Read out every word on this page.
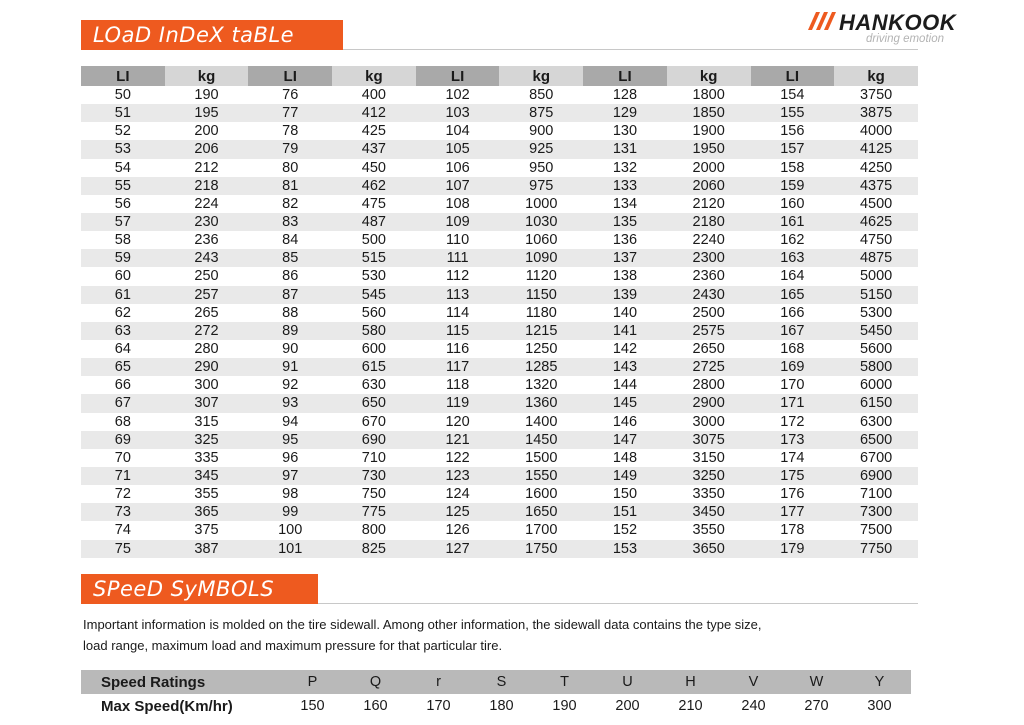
LOaD InDeX taBLe	HANKOOK
driving emotion
LI	kg	LI	kg	LI	kg	LI	kg	LI	kg
50	190	76	400	102	850	128	1800	154	3750
51	195	77	412	103	875	129	1850	155	3875
52	200	78	425	104	900	130	1900	156	4000
53	206	79	437	105	925	131	1950	157	4125
54	212	80	450	106	950	132	2000	158	4250
55	218	81	462	107	975	133	2060	159	4375
56	224	82	475	108	1000	134	2120	160	4500
57	230	83	487	109	1030	135	2180	161	4625
58	236	84	500	110	1060	136	2240	162	4750
59	243	85	515	111	1090	137	2300	163	4875
60	250	86	530	112	1120	138	2360	164	5000
61	257	87	545	113	1150	139	2430	165	5150
62	265	88	560	114	1180	140	2500	166	5300
63	272	89	580	115	1215	141	2575	167	5450
64	280	90	600	116	1250	142	2650	168	5600
65	290	91	615	117	1285	143	2725	169	5800
66	300	92	630	118	1320	144	2800	170	6000
67	307	93	650	119	1360	145	2900	171	6150
68	315	94	670	120	1400	146	3000	172	6300
69	325	95	690	121	1450	147	3075	173	6500
70	335	96	710	122	1500	148	3150	174	6700
71	345	97	730	123	1550	149	3250	175	6900
72	355	98	750	124	1600	150	3350	176	7100
73	365	99	775	125	1650	151	3450	177	7300
74	375	100	800	126	1700	152	3550	178	7500
75	387	101	825	127	1750	153	3650	179	7750
SPeeD SyMBOLS
Important information is molded on the tire sidewall. Among other information, the sidewall data contains the type size,
load range, maximum load and maximum pressure for that particular tire.
Speed Ratings	P	Q	r	S	T	U	H	V	W	Y
Max Speed(Km/hr)	150	160	170	180	190	200	210	240	270	300
